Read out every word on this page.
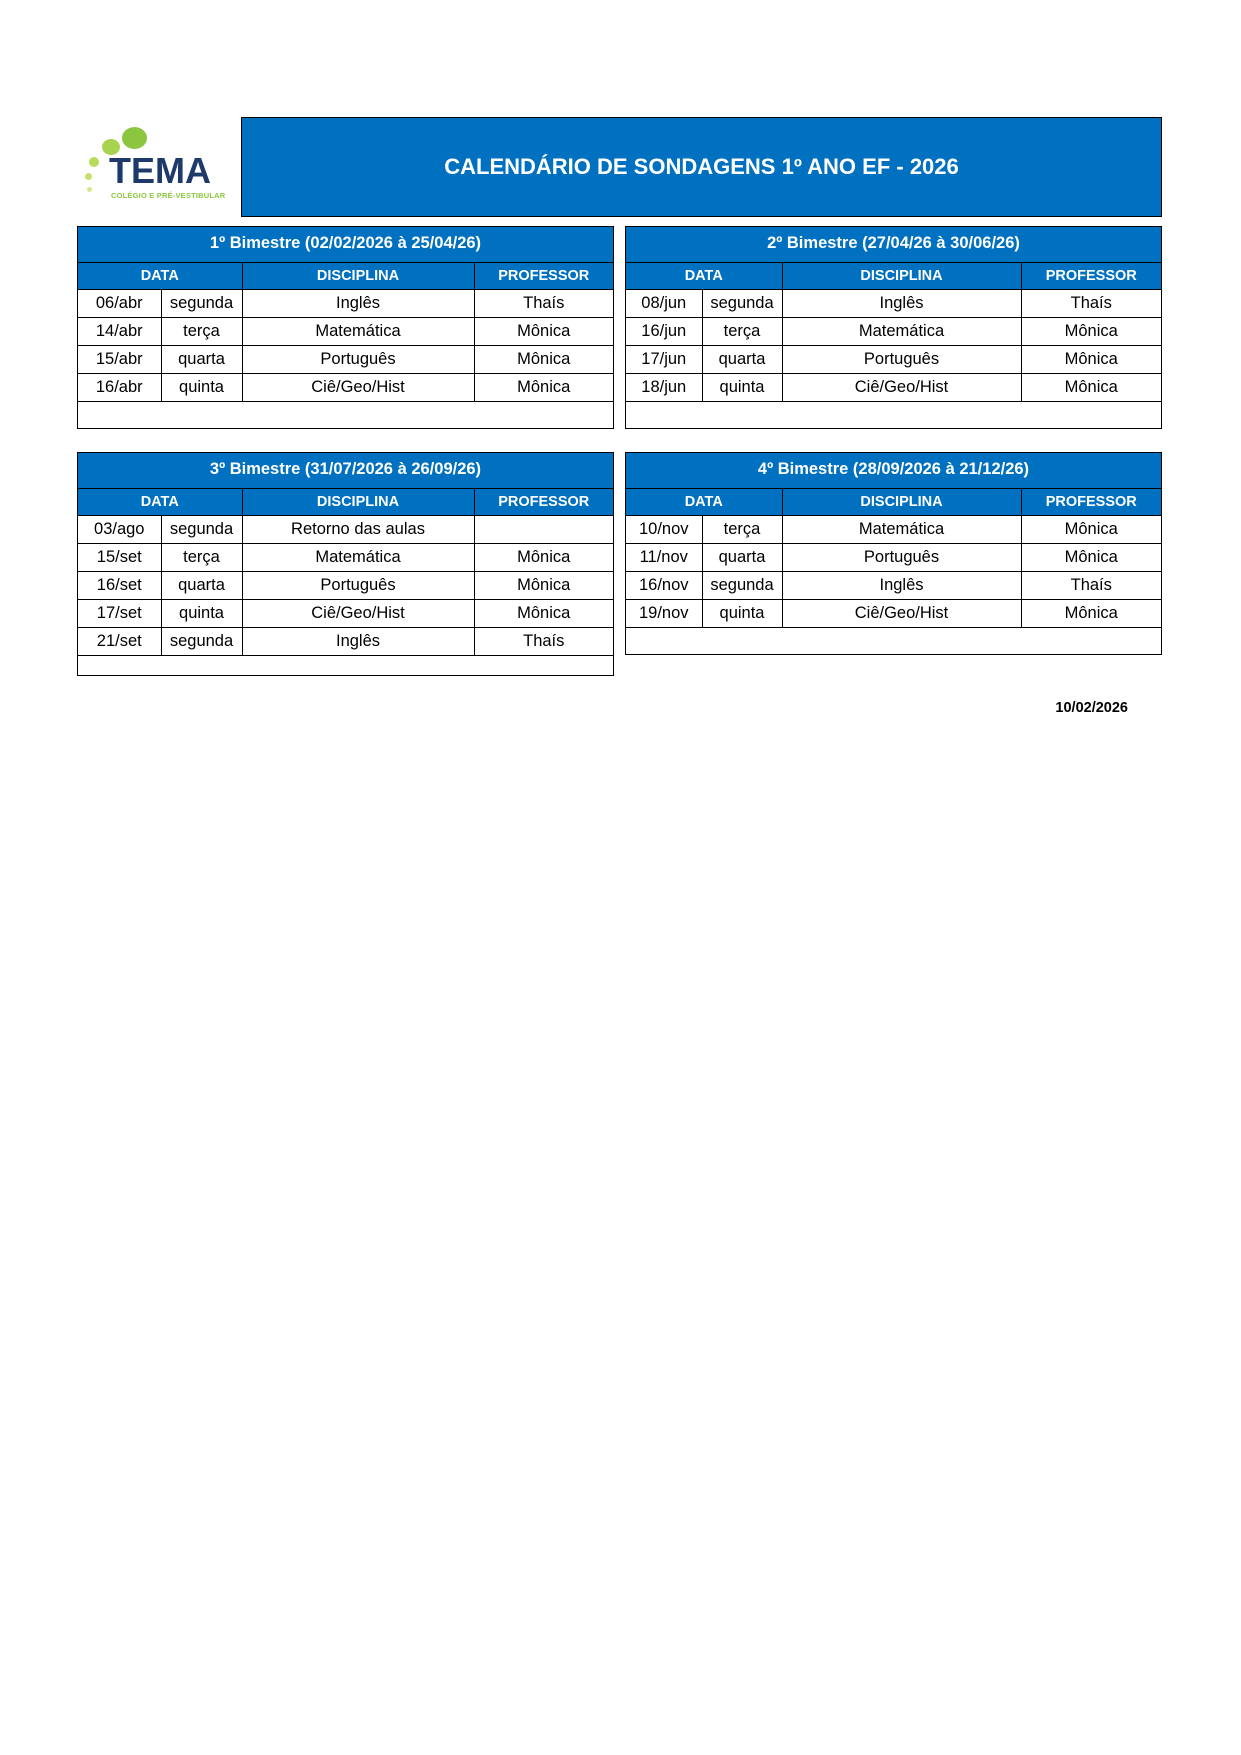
TEMA
COLÉGIO E PRÉ-VESTIBULAR
CALENDÁRIO DE SONDAGENS 1º ANO EF - 2026
1º Bimestre (02/02/2026 à 25/04/26)
DATA		DISCIPLINA	PROFESSOR
06/abr	segunda	Inglês	Thaís
14/abr	terça	Matemática	Mônica
15/abr	quarta	Português	Mônica
16/abr	quinta	Ciê/Geo/Hist	Mônica

2º Bimestre (27/04/26 à 30/06/26)
DATA		DISCIPLINA	PROFESSOR
08/jun	segunda	Inglês	Thaís
16/jun	terça	Matemática	Mônica
17/jun	quarta	Português	Mônica
18/jun	quinta	Ciê/Geo/Hist	Mônica

3º Bimestre (31/07/2026 à 26/09/26)
DATA		DISCIPLINA	PROFESSOR
03/ago	segunda	Retorno das aulas	
15/set	terça	Matemática	Mônica
16/set	quarta	Português	Mônica
17/set	quinta	Ciê/Geo/Hist	Mônica
21/set	segunda	Inglês	Thaís

4º Bimestre (28/09/2026 à 21/12/26)
DATA		DISCIPLINA	PROFESSOR
10/nov	terça	Matemática	Mônica
11/nov	quarta	Português	Mônica
16/nov	segunda	Inglês	Thaís
19/nov	quinta	Ciê/Geo/Hist	Mônica

10/02/2026
